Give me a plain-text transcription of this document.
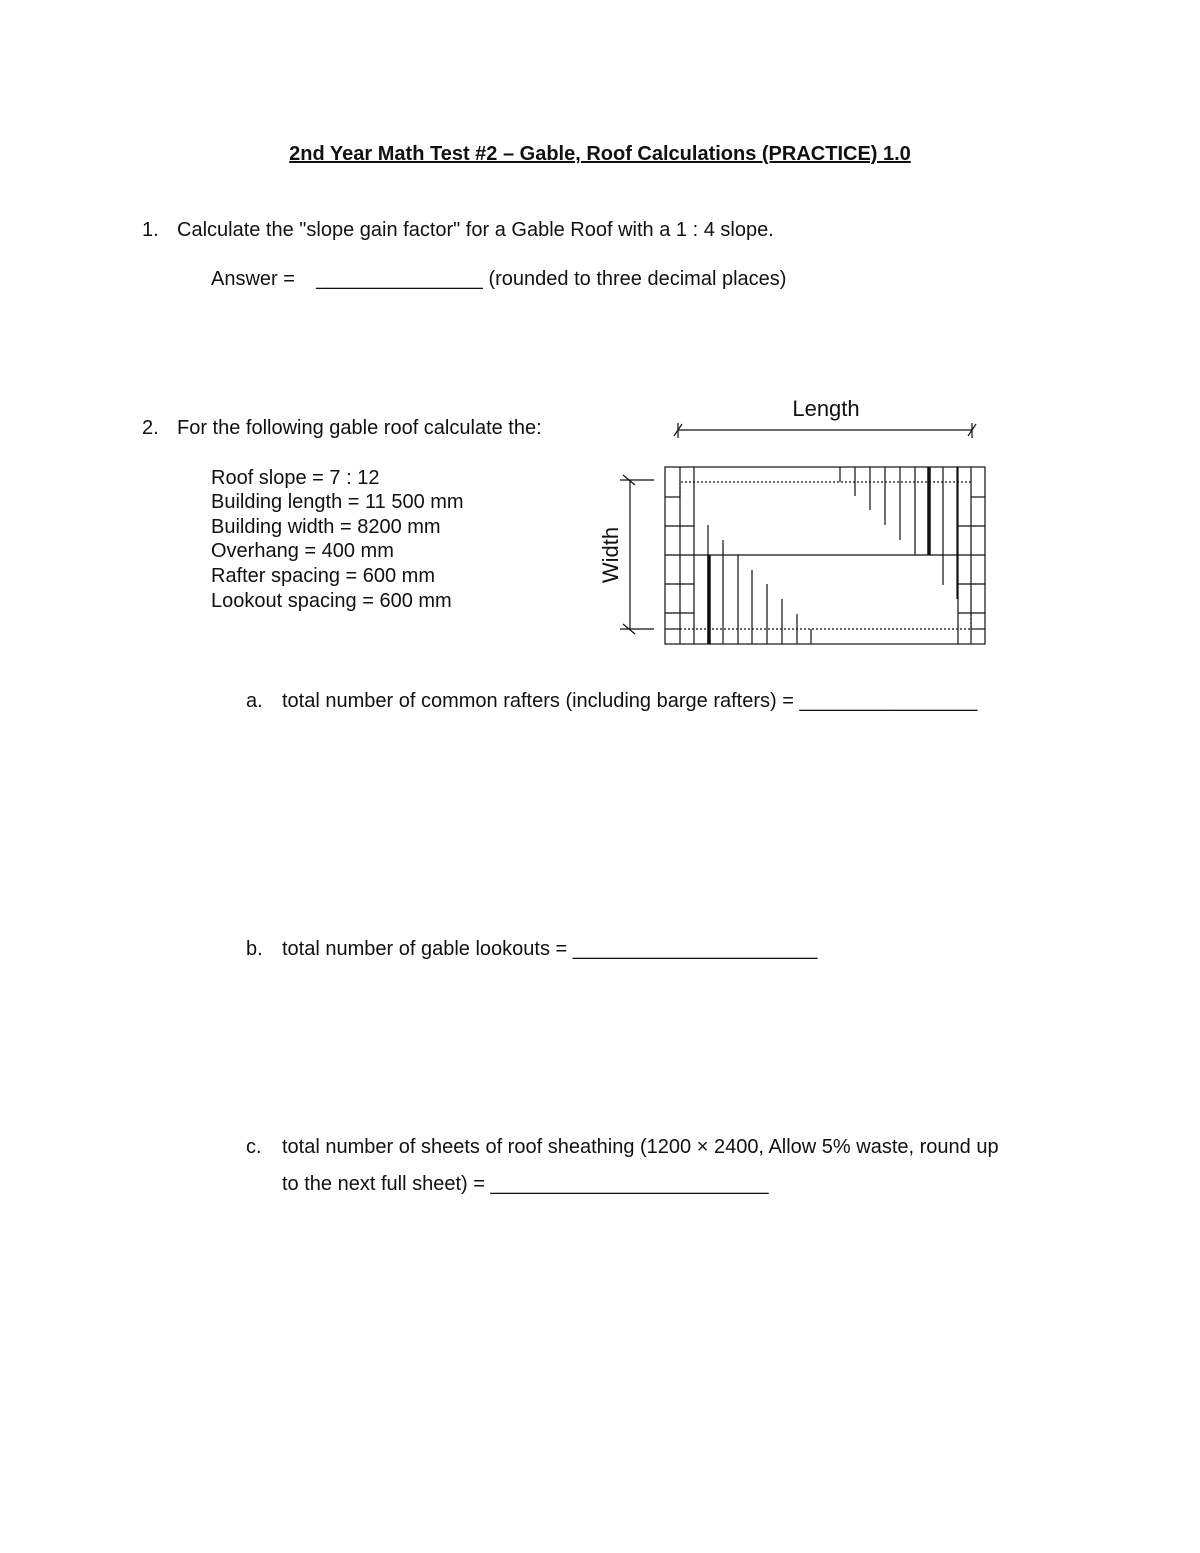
2nd Year Math Test #2 – Gable, Roof Calculations (PRACTICE) 1.0
1. Calculate the "slope gain factor" for a Gable Roof with a 1 : 4 slope.
Answer = _______________ (rounded to three decimal places)
2. For the following gable roof calculate the:
Roof slope = 7 : 12
Building length = 11 500 mm
Building width = 8200 mm
Overhang = 400 mm
Rafter spacing = 600 mm
Lookout spacing = 600 mm
Length
Width
a. total number of common rafters (including barge rafters) = ________________
b. total number of gable lookouts = ______________________
c. total number of sheets of roof sheathing (1200 × 2400, Allow 5% waste, round up
to the next full sheet) = _________________________
